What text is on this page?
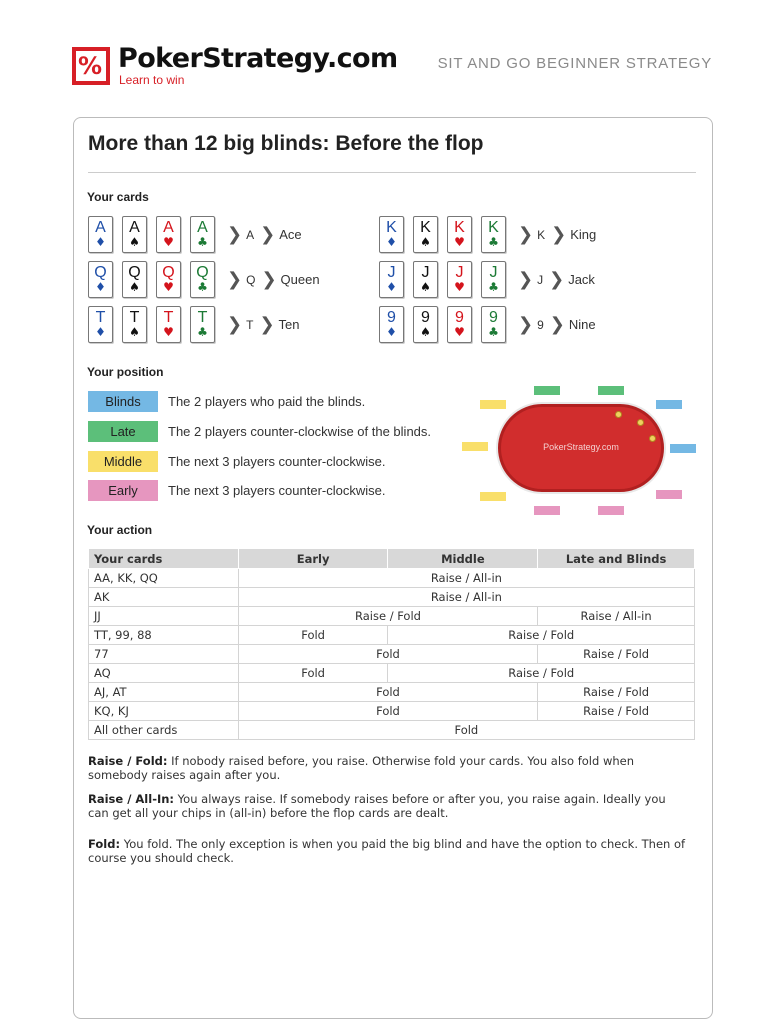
% PokerStrategy.com
Learn to win
SIT AND GO BEGINNER STRATEGY
More than 12 big blinds: Before the flop
Your cards
A
♦
A
♠
A
♥
A
♣	❯ A ❯ Ace	K
♦
K
♠
K
♥
K
♣	❯ K ❯ King
Q
♦
Q
♠
Q
♥
Q
♣	❯ Q ❯ Queen	J
♦
J
♠
J
♥
J
♣	❯ J ❯ Jack
T
♦
T
♠
T
♥
T
♣	❯ T ❯ Ten	9
♦
9
♠
9
♥
9
♣	❯ 9 ❯ Nine
Your position
Blinds	The 2 players who paid the blinds.
Late	The 2 players counter-clockwise of the blinds.
Middle	The next 3 players counter-clockwise.
Early	The next 3 players counter-clockwise.
PokerStrategy.com
Your action
Your cards	Early	Middle	Late and Blinds
AA, KK, QQ	Raise / All-in		
AK	Raise / All-in		
JJ	Raise / Fold		Raise / All-in
TT, 99, 88	Fold	Raise / Fold	
77	Fold		Raise / Fold
AQ	Fold	Raise / Fold	
AJ, AT	Fold		Raise / Fold
KQ, KJ	Fold		Raise / Fold
All other cards	Fold		

Raise / Fold: If nobody raised before, you raise. Otherwise fold your cards. You also fold when somebody raises again after you.

Raise / All-In: You always raise. If somebody raises before or after you, you raise again. Ideally you can get all your chips in (all-in) before the flop cards are dealt.

Fold: You fold. The only exception is when you paid the big blind and have the option to check. Then of course you should check.
